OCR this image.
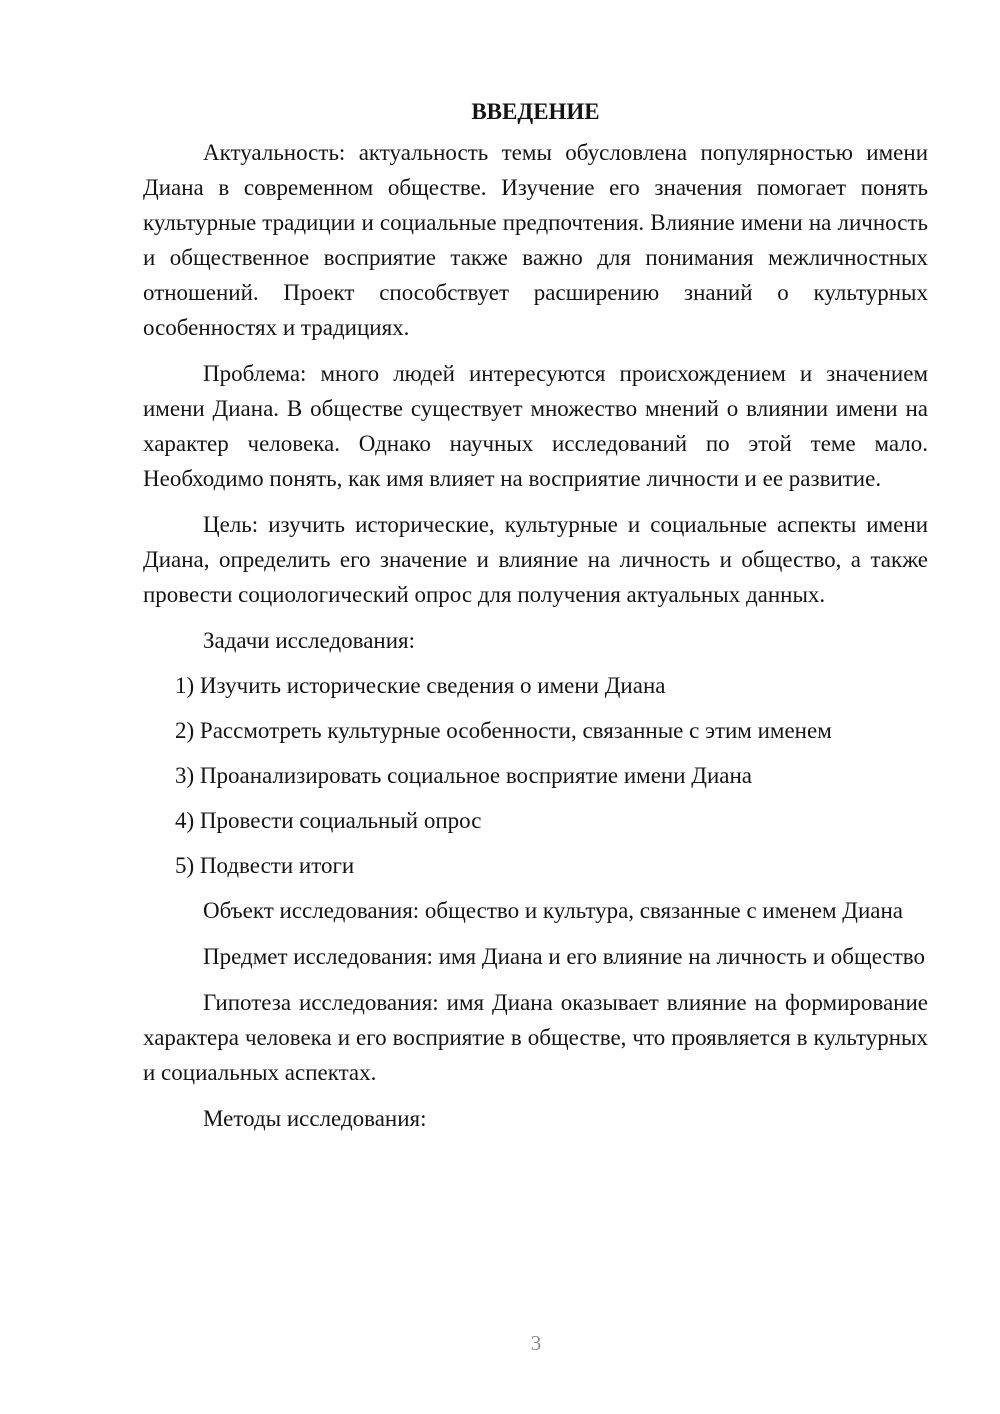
ВВЕДЕНИЕ

Актуальность: актуальность темы обусловлена популярностью имени Диана в современном обществе. Изучение его значения помогает понять культурные традиции и социальные предпочтения. Влияние имени на личность и общественное восприятие также важно для понимания межличностных отношений. Проект способствует расширению знаний о культурных особенностях и традициях.

Проблема: много людей интересуются происхождением и значением имени Диана. В обществе существует множество мнений о влиянии имени на характер человека. Однако научных исследований по этой теме мало. Необходимо понять, как имя влияет на восприятие личности и ее развитие.

Цель: изучить исторические, культурные и социальные аспекты имени Диана, определить его значение и влияние на личность и общество, а также провести социологический опрос для получения актуальных данных.

Задачи исследования:
1) Изучить исторические сведения о имени Диана
2) Рассмотреть культурные особенности, связанные с этим именем
3) Проанализировать социальное восприятие имени Диана
4) Провести социальный опрос
5) Подвести итоги

Объект исследования: общество и культура, связанные с именем Диана

Предмет исследования: имя Диана и его влияние на личность и общество

Гипотеза исследования: имя Диана оказывает влияние на формирование характера человека и его восприятие в обществе, что проявляется в культурных и социальных аспектах.

Методы исследования:
3
